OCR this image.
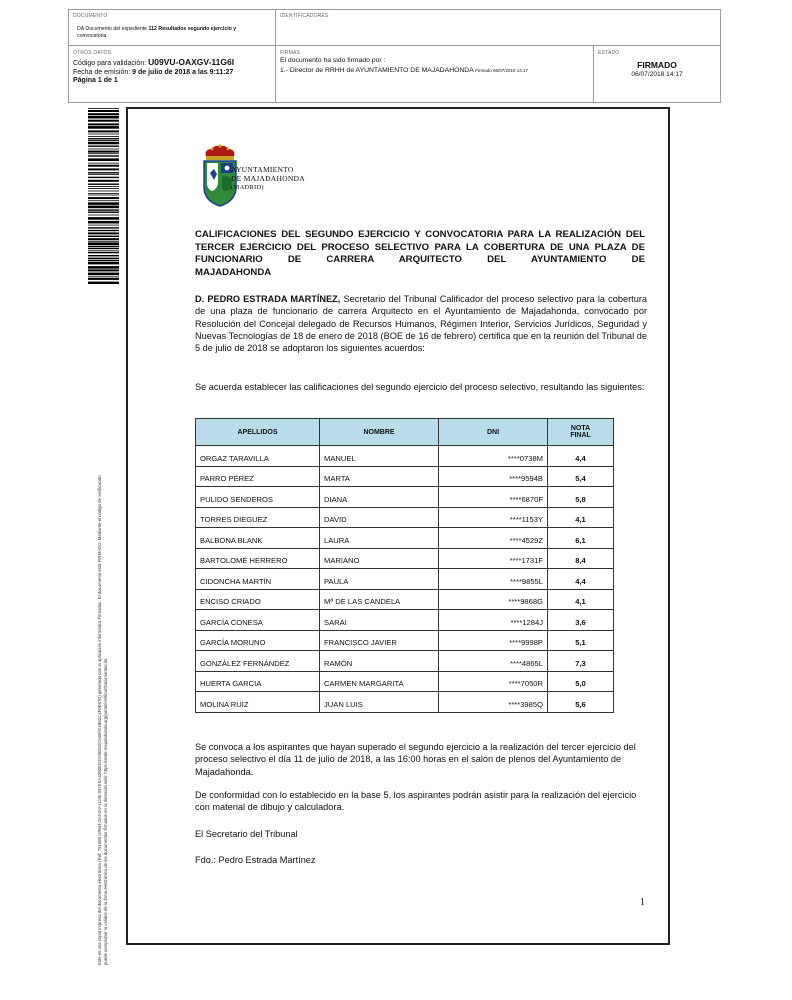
DOCUMENTO
DA Documento del expediente 112 Resultados segundo ejercicio y
convocatoria
IDENTIFICADORES
OTROS DATOS
Código para validación: U09VU-OAXGV-11G6I
Fecha de emisión: 9 de julio de 2018 a las 9:11:27
Página 1 de 1
FIRMAS
El documento ha sido firmado por :
1.- Director de RRHH de AYUNTAMIENTO DE MAJADAHONDA Firmado 06/07/2018 14:17
ESTADO
FIRMADO
06/07/2018 14:17
Este es una copia impresa del documento electrónico (Ref: 751586 URMJ-OAXGV-11G6I 037ESA4280ED1D36D52C945FD1B82C4F0E57D) generada con la aplicación informática Firmadoc. El documento está FIRMADO. Mediante el código de verificación puede comprobar la validez de la firma electrónica de los documentos firmados en la dirección web: https://sede.majadahonda.org/portal/verificarDocumentos.do
AYUNTAMIENTO
DE MAJADAHONDA
(MADRID)
CALIFICACIONES DEL SEGUNDO EJERCICIO Y CONVOCATORIA PARA LA REALIZACIÓN DEL TERCER EJERCICIO DEL PROCESO SELECTIVO PARA LA COBERTURA DE UNA PLAZA DE FUNCIONARIO DE CARRERA ARQUITECTO DEL AYUNTAMIENTO DE
MAJADAHONDA
D. PEDRO ESTRADA MARTÍNEZ, Secretario del Tribunal Calificador del proceso selectivo para la cobertura de una plaza de funcionario de carrera Arquitecto en el Ayuntamiento de Majadahonda, convocado por Resolución del Concejal delegado de Recursos Humanos, Régimen Interior, Servicios Jurídicos, Seguridad y Nuevas Tecnologías de 18 de enero de 2018 (BOE de 16 de febrero) certifica que en la reunión del Tribunal de 5 de julio de 2018 se adoptaron los siguientes acuerdos:
Se acuerda establecer las calificaciones del segundo ejercicio del proceso selectivo, resultando las siguientes:
APELLIDOS	NOMBRE	DNI	NOTA
FINAL
ORGAZ TARAVILLA	MANUEL	****0738M	4,4
PARRO PÉREZ	MARTA	****9594B	5,4
PULIDO SENDEROS	DIANA	****6870F	5,8
TORRES DIEGUEZ	DAVID	****1153Y	4,1
BALBONA BLANK	LAURA	****4529Z	6,1
BARTOLOMÉ HERRERO	MARIANO	****1731F	8,4
CIDONCHA MARTÍN	PAULA	****9855L	4,4
ENCISO CRIADO	Mª DE LAS CANDELA	****9868G	4,1
GARCÍA CONESA	SARAI	****1284J	3,6
GARCÍA MORUNO	FRANCISCO JAVIER	****9998P	5,1
GONZÁLEZ FERNÁNDEZ	RAMÓN	****4865L	7,3
HUERTA GARCIA	CARMEN MARGARITA	****7050R	5,0
MOLINA RUIZ	JUAN LUIS	****3985Q	5,6
Se convoca a los aspirantes que hayan superado el segundo ejercicio a la realización del tercer ejercicio del proceso selectivo el día 11 de julio de 2018, a las 16:00 horas en el salón de plenos del Ayuntamiento de Majadahonda.
De conformidad con lo establecido en la base 5, los aspirantes podrán asistir para la realización del ejercicio con material de dibujo y calculadora.
El Secretario del Tribunal
Fdo.: Pedro Estrada Martínez
1
